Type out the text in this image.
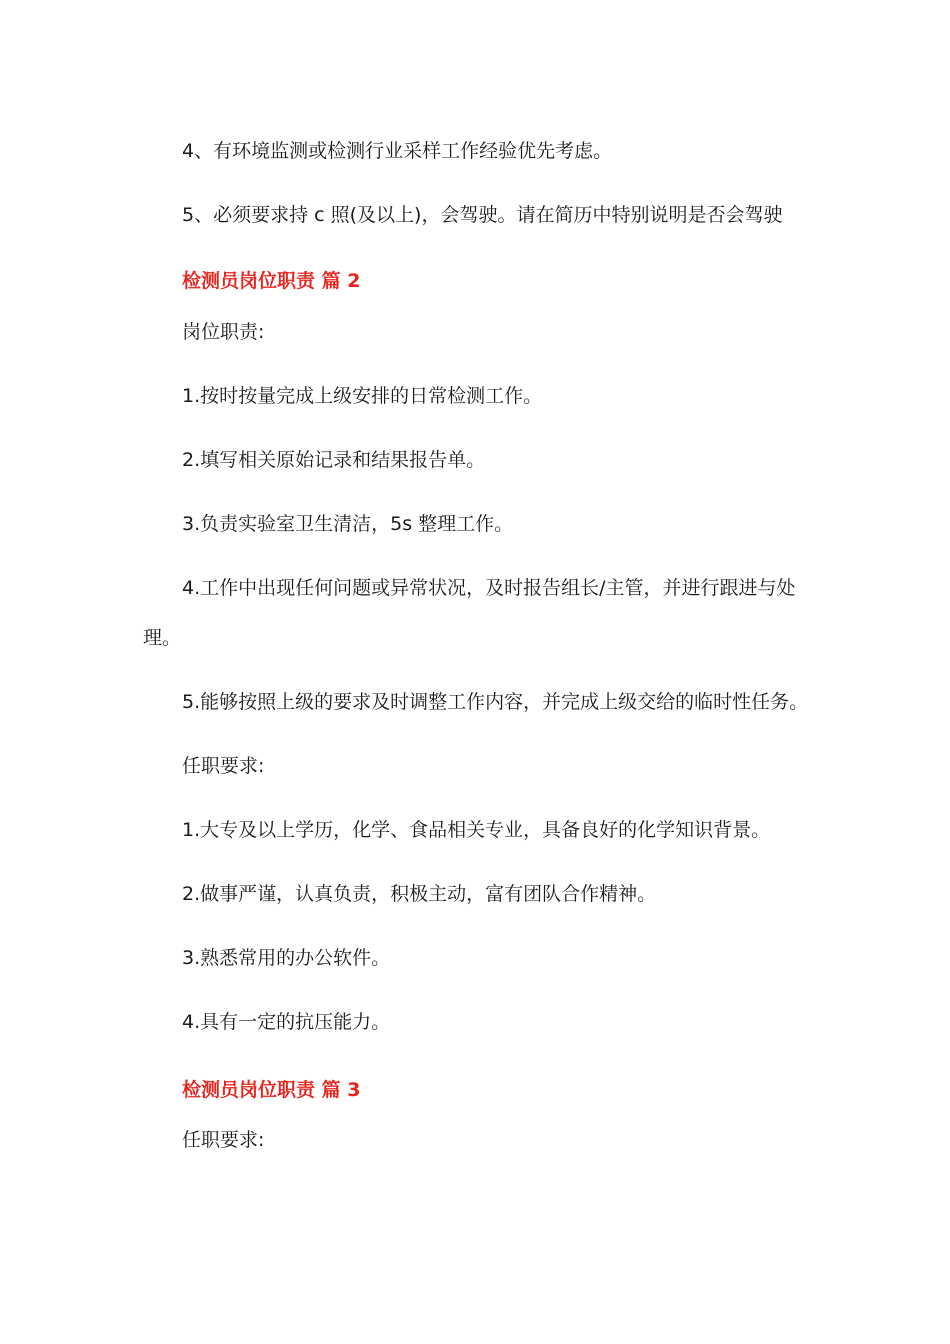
4、有环境监测或检测行业采样工作经验优先考虑。
5、必须要求持 c 照(及以上)，会驾驶。请在简历中特别说明是否会驾驶
检测员岗位职责 篇 2
岗位职责:
1.按时按量完成上级安排的日常检测工作。
2.填写相关原始记录和结果报告单。
3.负责实验室卫生清洁，5s 整理工作。
4.工作中出现任何问题或异常状况，及时报告组长/主管，并进行跟进与处
理。
5.能够按照上级的要求及时调整工作内容，并完成上级交给的临时性任务。
任职要求:
1.大专及以上学历，化学、食品相关专业，具备良好的化学知识背景。
2.做事严谨，认真负责，积极主动，富有团队合作精神。
3.熟悉常用的办公软件。
4.具有一定的抗压能力。
检测员岗位职责 篇 3
任职要求:
